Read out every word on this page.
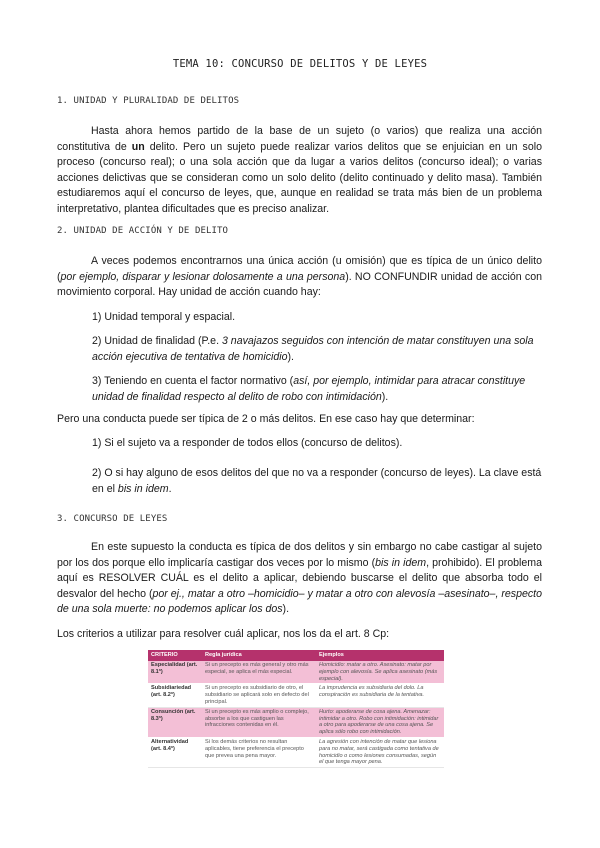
TEMA 10: CONCURSO DE DELITOS Y DE LEYES
1. UNIDAD Y PLURALIDAD DE DELITOS
Hasta ahora hemos partido de la base de un sujeto (o varios) que realiza una acción constitutiva de un delito. Pero un sujeto puede realizar varios delitos que se enjuician en un solo proceso (concurso real); o una sola acción que da lugar a varios delitos (concurso ideal); o varias acciones delictivas que se consideran como un solo delito (delito continuado y delito masa). También estudiaremos aquí el concurso de leyes, que, aunque en realidad se trata más bien de un problema interpretativo, plantea dificultades que es preciso analizar.
2. UNIDAD DE ACCIÓN Y DE DELITO
A veces podemos encontrarnos una única acción (u omisión) que es típica de un único delito (por ejemplo, disparar y lesionar dolosamente a una persona). NO CONFUNDIR unidad de acción con movimiento corporal. Hay unidad de acción cuando hay:
1) Unidad temporal y espacial.
2) Unidad de finalidad (P.e. 3 navajazos seguidos con intención de matar constituyen una sola acción ejecutiva de tentativa de homicidio).
3) Teniendo en cuenta el factor normativo (así, por ejemplo, intimidar para atracar constituye unidad de finalidad respecto al delito de robo con intimidación).
Pero una conducta puede ser típica de 2 o más delitos. En ese caso hay que determinar:
1) Si el sujeto va a responder de todos ellos (concurso de delitos).
2) O si hay alguno de esos delitos del que no va a responder (concurso de leyes). La clave está en el bis in idem.
3. CONCURSO DE LEYES
En este supuesto la conducta es típica de dos delitos y sin embargo no cabe castigar al sujeto por los dos porque ello implicaría castigar dos veces por lo mismo (bis in idem, prohibido). El problema aquí es RESOLVER CUÁL es el delito a aplicar, debiendo buscarse el delito que absorba todo el desvalor del hecho (por ej., matar a otro –homicidio– y matar a otro con alevosía –asesinato–, respecto de una sola muerte: no podemos aplicar los dos).
Los criterios a utilizar para resolver cuál aplicar, nos los da el art. 8 Cp:
CRITERIO	Regla jurídica	Ejemplos
Especialidad (art. 8.1ª)	Si un precepto es más general y otro más especial, se aplica el más especial.	Homicidio: matar a otro. Asesinato: matar por ejemplo con alevosía. Se aplica asesinato (más especial).
Subsidiariedad (art. 8.2ª)	Si un precepto es subsidiario de otro, el subsidiario se aplicará solo en defecto del principal.	La imprudencia es subsidiaria del dolo. La conspiración es subsidiaria de la tentativa.
Consunción (art. 8.3ª)	Si un precepto es más amplio o complejo, absorbe a los que castiguen las infracciones contenidas en él.	Hurto: apoderarse de cosa ajena. Amenazar: intimidar a otro. Robo con intimidación: intimidar a otro para apoderarse de una cosa ajena. Se aplica sólo robo con intimidación.
Alternatividad (art. 8.4ª)	Si los demás criterios no resultan aplicables, tiene preferencia el precepto que prevea una pena mayor.	La agresión con intención de matar que lesiona para no matar, será castigada como tentativa de homicidio o como lesiones consumadas, según el que tenga mayor pena.
